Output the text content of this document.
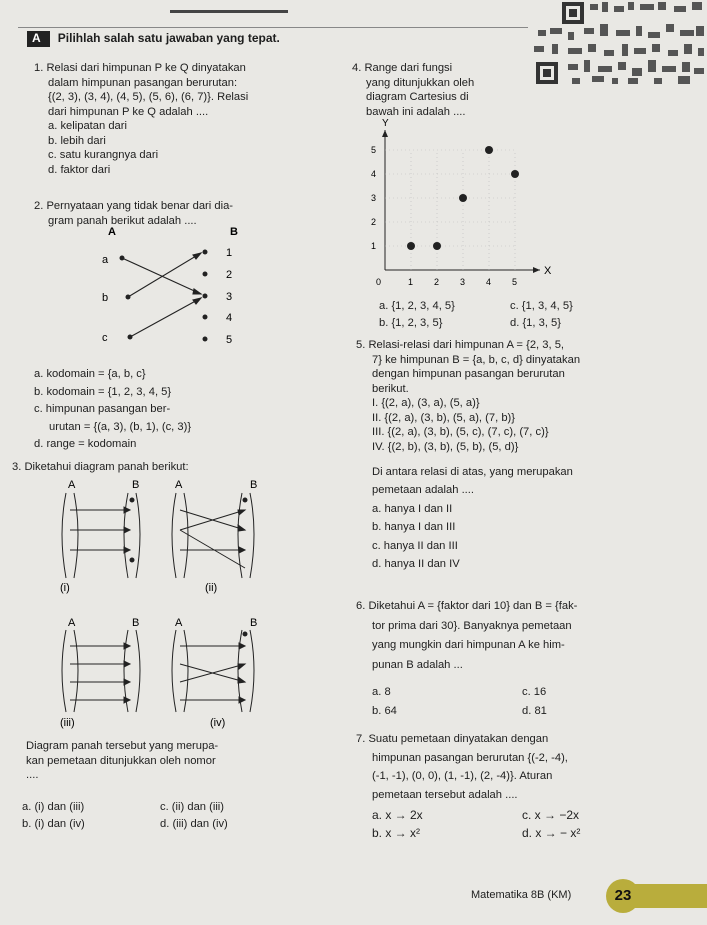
A Pilihlah salah satu jawaban yang tepat.
1. Relasi dari himpunan P ke Q dinyatakan
dalam himpunan pasangan berurutan:
{(2, 3), (3, 4), (4, 5), (5, 6), (6, 7)}. Relasi
dari himpunan P ke Q adalah ....
a. kelipatan dari
b. lebih dari
c. satu kurangnya dari
d. faktor dari
2. Pernyataan yang tidak benar dari dia-
gram panah berikut adalah ....
A	B
a
b
c
1
2
3
4
5
a. kodomain = {a, b, c}
b. kodomain = {1, 2, 3, 4, 5}
c. himpunan pasangan ber-
urutan = {(a, 3), (b, 1), (c, 3)}
d. range = kodomain
3. Diketahui diagram panah berikut:
A	B
(i)
A	B
(ii)
A	B
(iii)
A	B
(iv)
Diagram panah tersebut yang merupa-
kan pemetaan ditunjukkan oleh nomor
....
a. (i) dan (iii)
b. (i) dan (iv)
c. (ii) dan (iii)
d. (iii) dan (iv)
4. Range dari fungsi
yang ditunjukkan oleh
diagram Cartesius di
bawah ini adalah ....
X
Y
0	1 2 3 4 5
1
2
3
4
5
a. {1, 2, 3, 4, 5}
b. {1, 2, 3, 5}
c. {1, 3, 4, 5}
d. {1, 3, 5}
5. Relasi-relasi dari himpunan A = {2, 3, 5,
7} ke himpunan B = {a, b, c, d} dinyatakan
dengan himpunan pasangan berurutan
berikut.
I. {(2, a), (3, a), (5, a)}
II. {(2, a), (3, b), (5, a), (7, b)}
III. {(2, a), (3, b), (5, c), (7, c), (7, c)}
IV. {(2, b), (3, b), (5, b), (5, d)}
Di antara relasi di atas, yang merupakan
pemetaan adalah ....
a. hanya I dan II
b. hanya I dan III
c. hanya II dan III
d. hanya II dan IV
6. Diketahui A = {faktor dari 10} dan B = {fak-
tor prima dari 30}. Banyaknya pemetaan
yang mungkin dari himpunan A ke him-
punan B adalah ...
a. 8
b. 64
c. 16
d. 81
7. Suatu pemetaan dinyatakan dengan
himpunan pasangan berurutan {(-2, -4),
(-1, -1), (0, 0), (1, -1), (2, -4)}. Aturan
pemetaan tersebut adalah ....
a. x → 2x
b. x → x²
c. x → −2x
d. x → − x²
Matematika 8B (KM)	23
